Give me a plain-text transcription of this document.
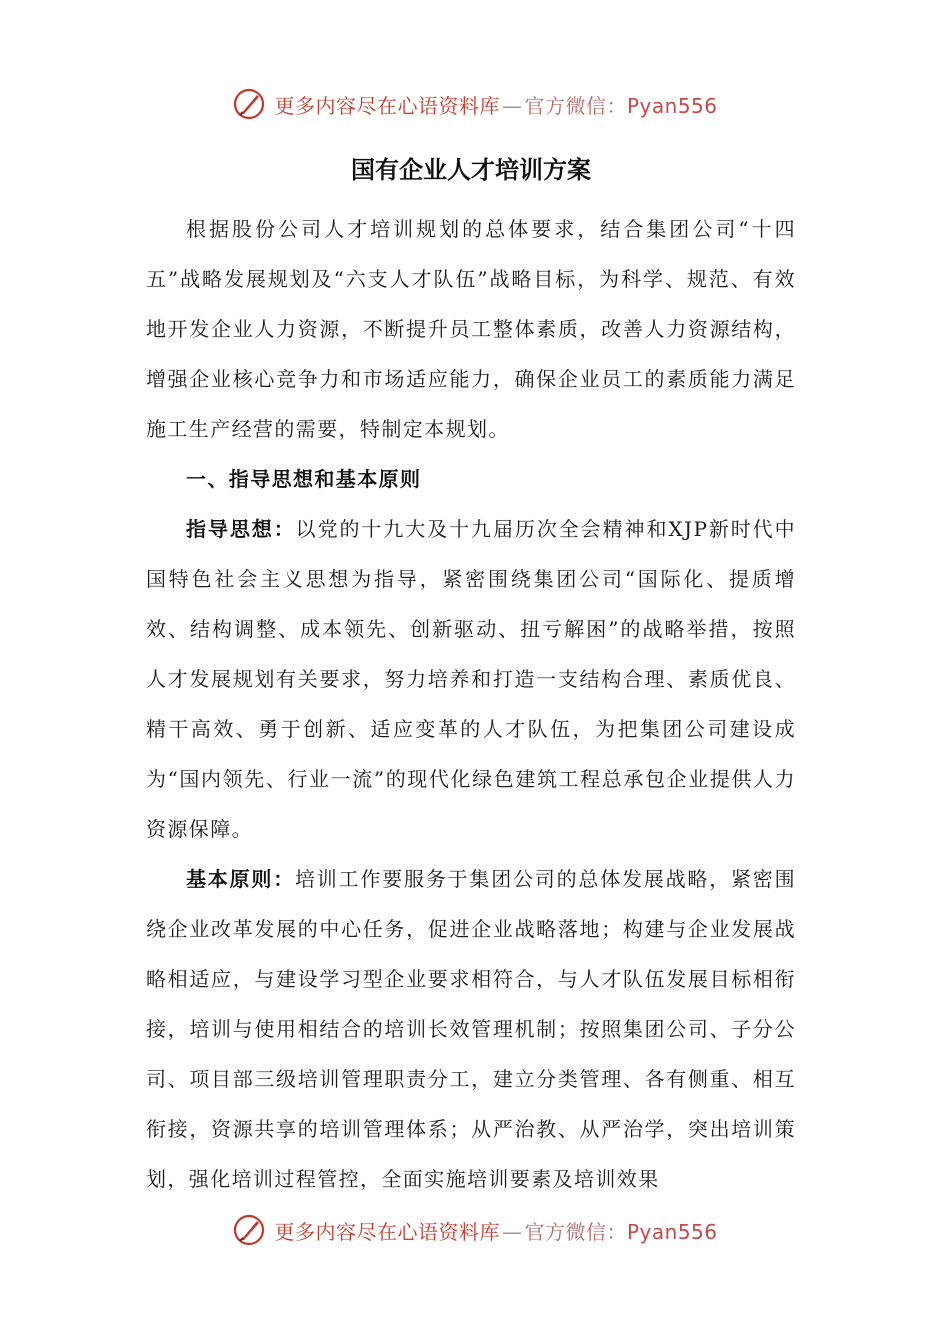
更多内容尽在心语资料库 — 官方微信：Pyan556
国有企业人才培训方案

根据股份公司人才培训规划的总体要求，结合集团公司“十四五”战略发展规划及“六支人才队伍”战略目标，为科学、规范、有效地开发企业人力资源，不断提升员工整体素质，改善人力资源结构，增强企业核心竞争力和市场适应能力，确保企业员工的素质能力满足施工生产经营的需要，特制定本规划。

一、指导思想和基本原则

指导思想：以党的十九大及十九届历次全会精神和XJP新时代中国特色社会主义思想为指导，紧密围绕集团公司“国际化、提质增效、结构调整、成本领先、创新驱动、扭亏解困”的战略举措，按照人才发展规划有关要求，努力培养和打造一支结构合理、素质优良、精干高效、勇于创新、适应变革的人才队伍，为把集团公司建设成为“国内领先、行业一流”的现代化绿色建筑工程总承包企业提供人力资源保障。

基本原则：培训工作要服务于集团公司的总体发展战略，紧密围绕企业改革发展的中心任务，促进企业战略落地；构建与企业发展战略相适应，与建设学习型企业要求相符合，与人才队伍发展目标相衔接，培训与使用相结合的培训长效管理机制；按照集团公司、子分公司、项目部三级培训管理职责分工，建立分类管理、各有侧重、相互衔接，资源共享的培训管理体系；从严治教、从严治学，突出培训策划，强化培训过程管控，全面实施培训要素及培训效果

更多内容尽在心语资料库 — 官方微信：Pyan556
